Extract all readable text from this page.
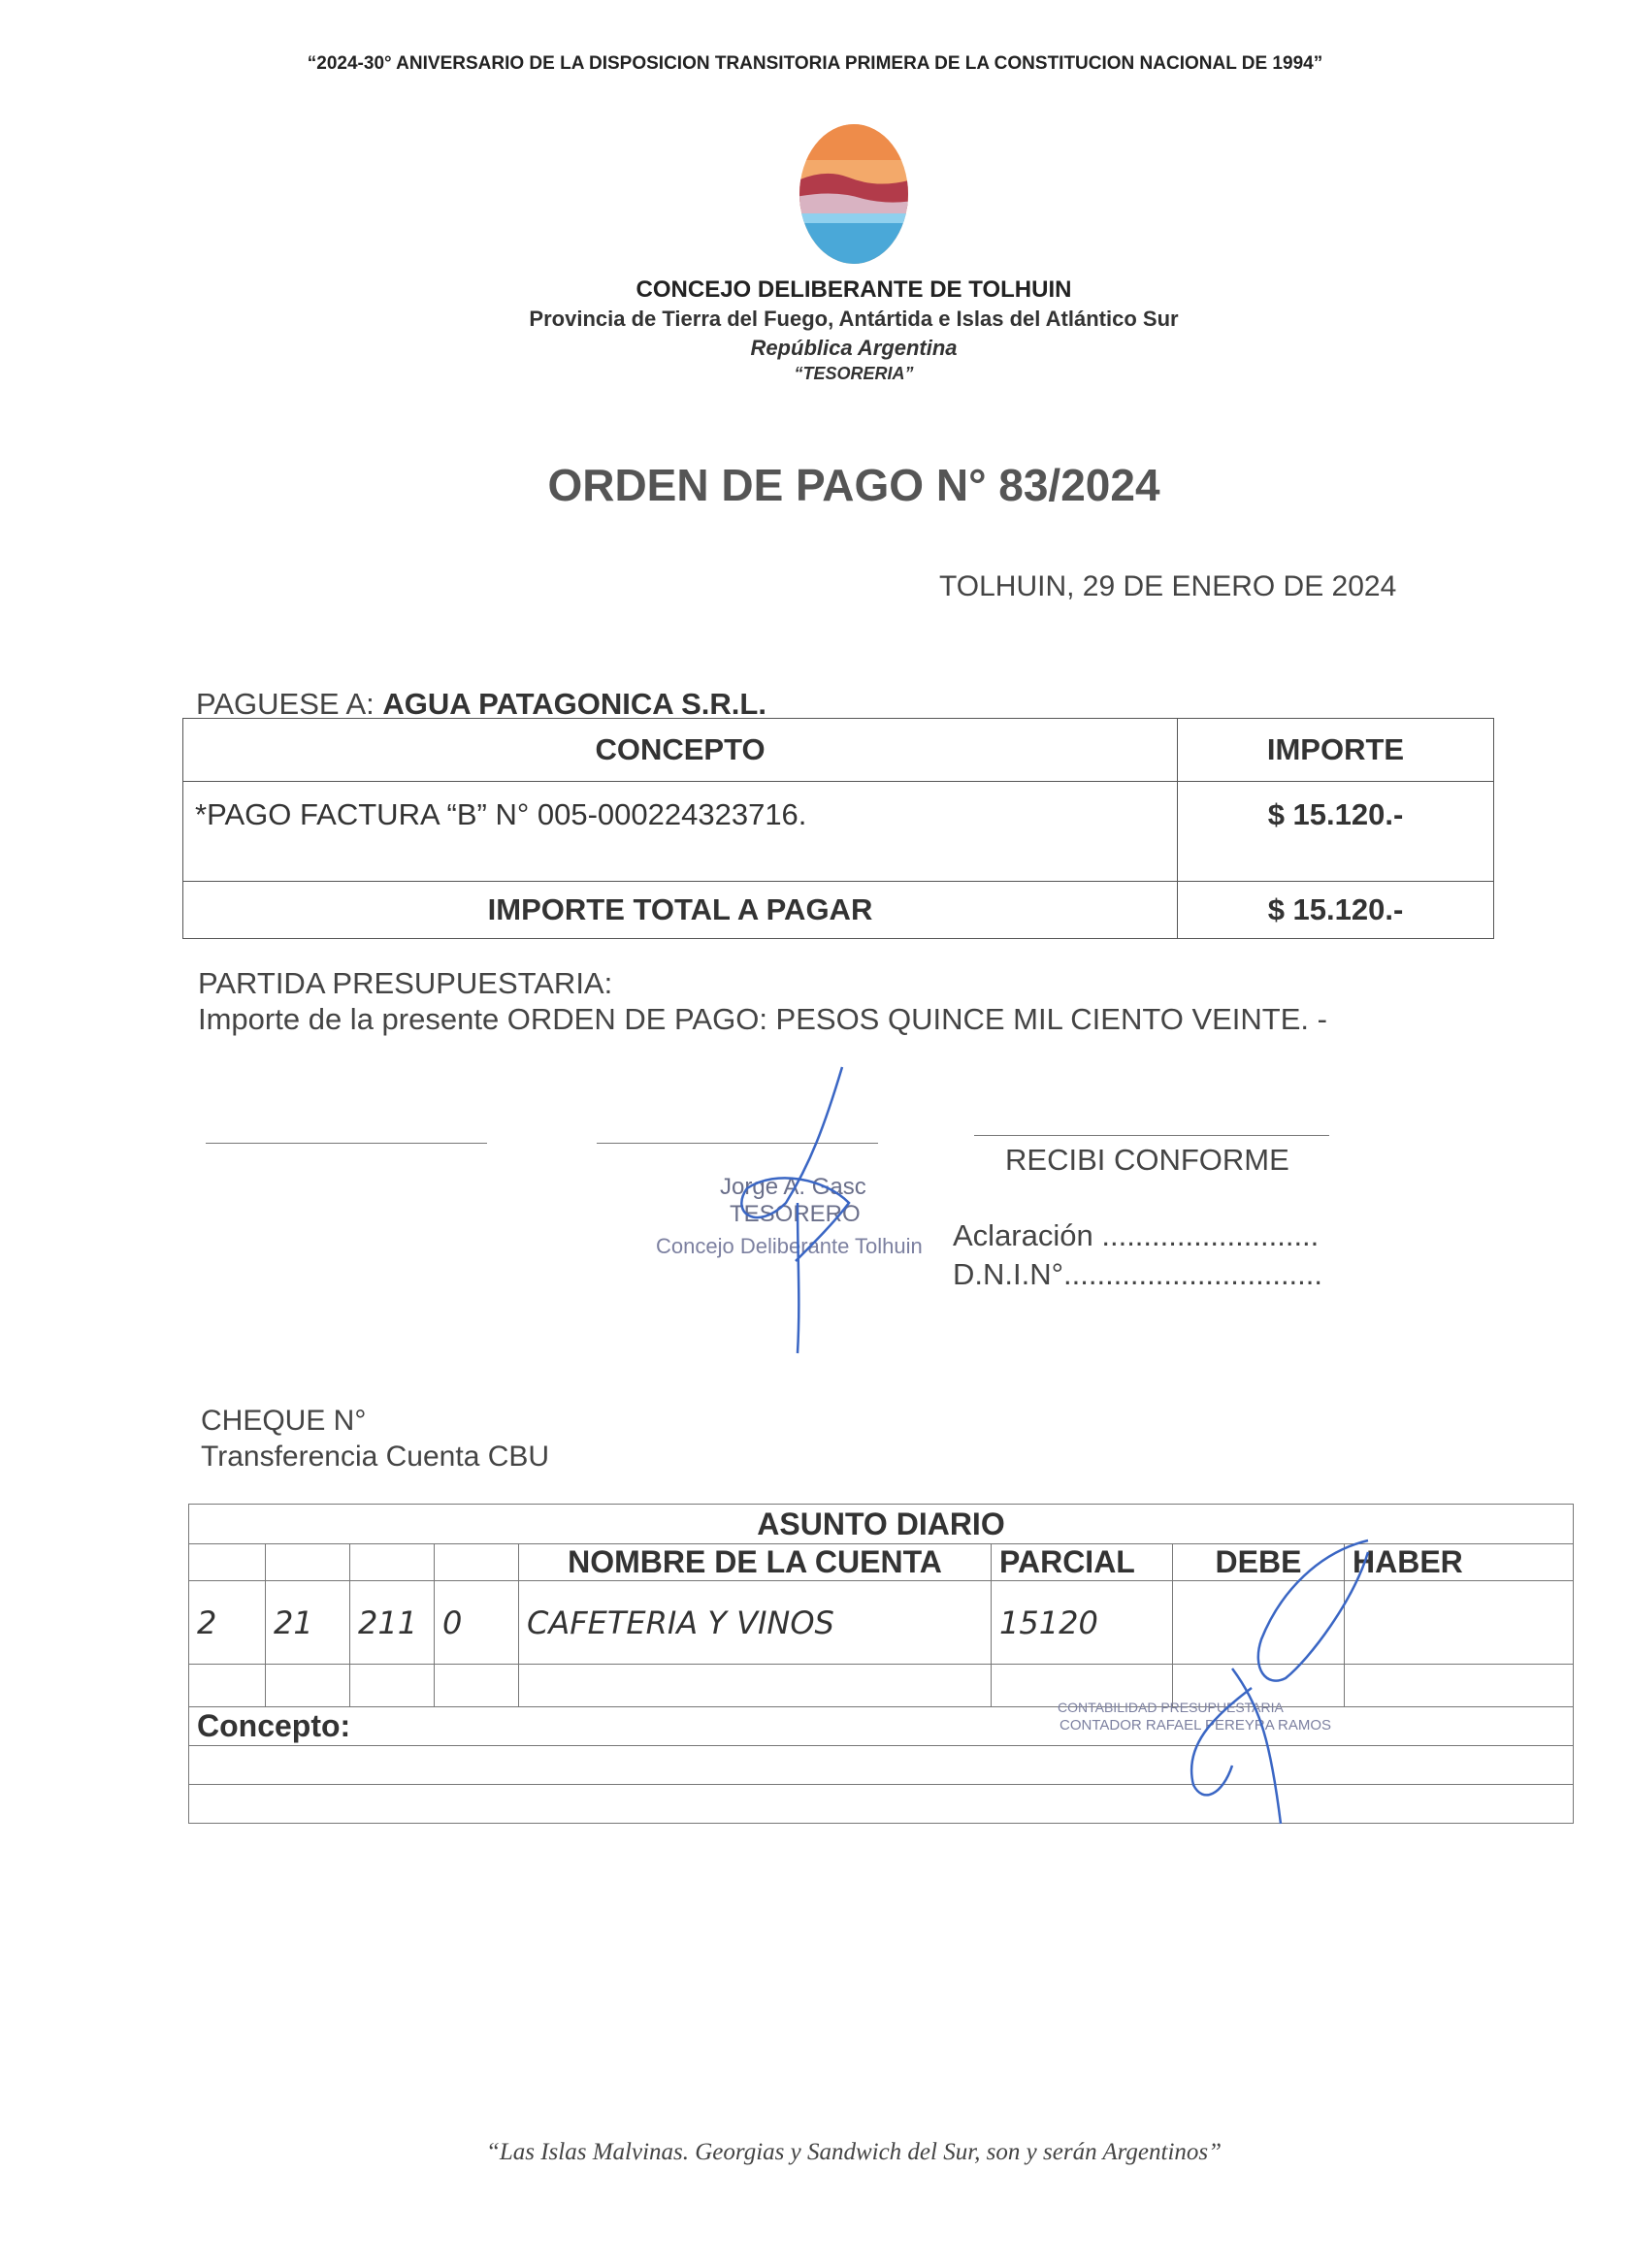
“2024-30° ANIVERSARIO DE LA DISPOSICION TRANSITORIA PRIMERA DE LA CONSTITUCION NACIONAL DE 1994”
CONCEJO DELIBERANTE DE TOLHUIN
Provincia de Tierra del Fuego, Antártida e Islas del Atlántico Sur
República Argentina
“TESORERIA”
ORDEN DE PAGO N° 83/2024
TOLHUIN, 29 DE ENERO DE 2024
PAGUESE A: AGUA PATAGONICA S.R.L.
CONCEPTO	IMPORTE
*PAGO FACTURA “B” N° 005-000224323716.	$ 15.120.-
IMPORTE TOTAL A PAGAR	$ 15.120.-
PARTIDA PRESUPUESTARIA:
Importe de la presente ORDEN DE PAGO: PESOS QUINCE MIL CIENTO VEINTE. -
RECIBI CONFORME
Jorge A. Gasc
TESORERO
Concejo Deliberante Tolhuin Aclaración ..........................
D.N.I.N°...............................
CHEQUE N°
Transferencia Cuenta CBU
ASUNTO DIARIO							
				NOMBRE DE LA CUENTA	PARCIAL	DEBE	HABER
2	21	211	0	CAFETERIA Y VINOS	15120		

Concepto:							

CONTABILIDAD PRESUPUESTARIA
CONTADOR RAFAEL PEREYRA RAMOS
“Las Islas Malvinas. Georgias y Sandwich del Sur, son y serán Argentinos”
